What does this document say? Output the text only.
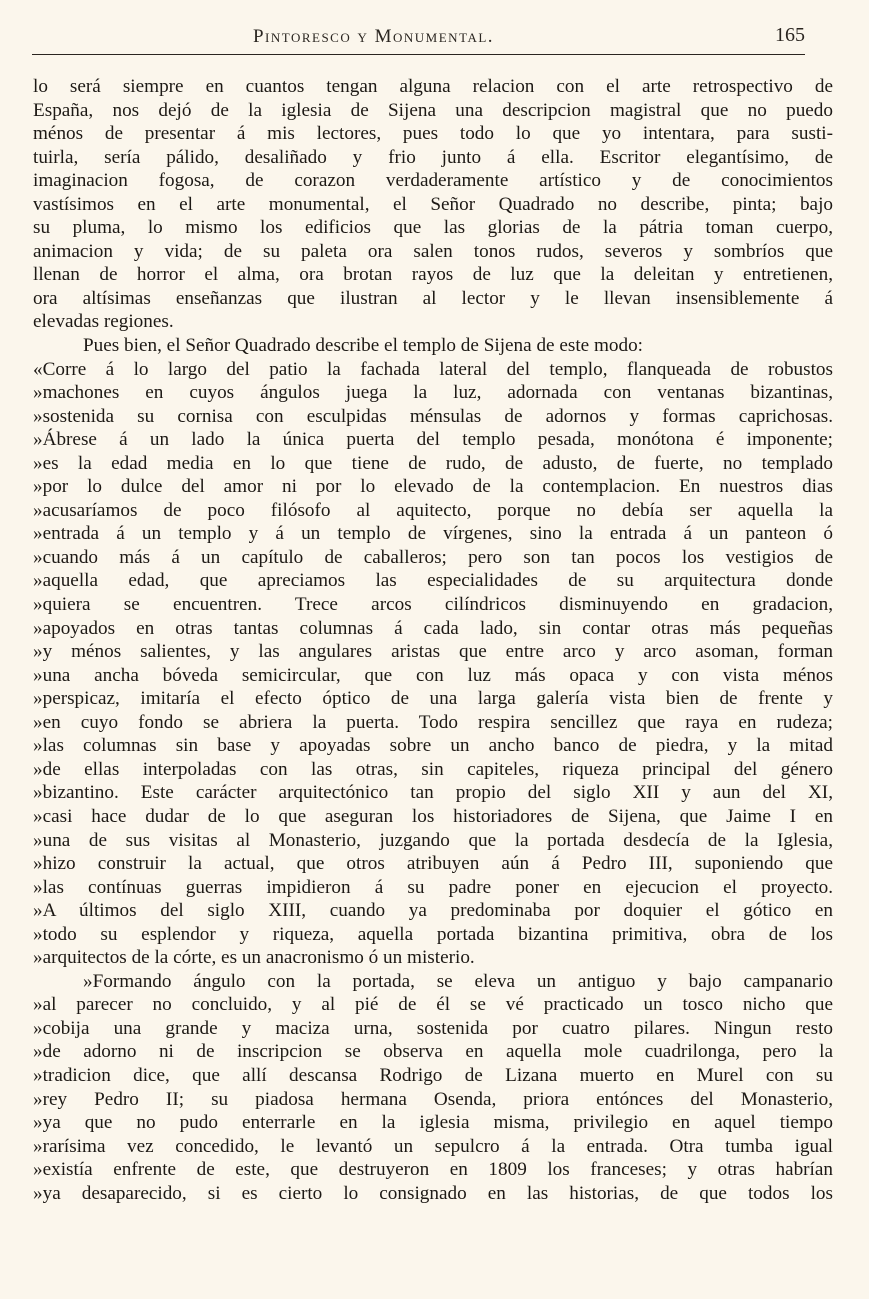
Pintoresco y Monumental.	165
lo será siempre en cuantos tengan alguna relacion con el arte retrospectivo de
España, nos dejó de la iglesia de Sijena una descripcion magistral que no puedo
ménos de presentar á mis lectores, pues todo lo que yo intentara, para susti-
tuirla, sería pálido, desaliñado y frio junto á ella. Escritor elegantísimo, de
imaginacion fogosa, de corazon verdaderamente artístico y de conocimientos
vastísimos en el arte monumental, el Señor Quadrado no describe, pinta; bajo
su pluma, lo mismo los edificios que las glorias de la pátria toman cuerpo,
animacion y vida; de su paleta ora salen tonos rudos, severos y sombríos que
llenan de horror el alma, ora brotan rayos de luz que la deleitan y entretienen,
ora altísimas enseñanzas que ilustran al lector y le llevan insensiblemente á
elevadas regiones.
Pues bien, el Señor Quadrado describe el templo de Sijena de este modo:
«Corre á lo largo del patio la fachada lateral del templo, flanqueada de robustos
»machones en cuyos ángulos juega la luz, adornada con ventanas bizantinas,
»sostenida su cornisa con esculpidas ménsulas de adornos y formas caprichosas.
»Ábrese á un lado la única puerta del templo pesada, monótona é imponente;
»es la edad media en lo que tiene de rudo, de adusto, de fuerte, no templado
»por lo dulce del amor ni por lo elevado de la contemplacion. En nuestros dias
»acusaríamos de poco filósofo al aquitecto, porque no debía ser aquella la
»entrada á un templo y á un templo de vírgenes, sino la entrada á un panteon ó
»cuando más á un capítulo de caballeros; pero son tan pocos los vestigios de
»aquella edad, que apreciamos las especialidades de su arquitectura donde
»quiera se encuentren. Trece arcos cilíndricos disminuyendo en gradacion,
»apoyados en otras tantas columnas á cada lado, sin contar otras más pequeñas
»y ménos salientes, y las angulares aristas que entre arco y arco asoman, forman
»una ancha bóveda semicircular, que con luz más opaca y con vista ménos
»perspicaz, imitaría el efecto óptico de una larga galería vista bien de frente y
»en cuyo fondo se abriera la puerta. Todo respira sencillez que raya en rudeza;
»las columnas sin base y apoyadas sobre un ancho banco de piedra, y la mitad
»de ellas interpoladas con las otras, sin capiteles, riqueza principal del género
»bizantino. Este carácter arquitectónico tan propio del siglo XII y aun del XI,
»casi hace dudar de lo que aseguran los historiadores de Sijena, que Jaime I en
»una de sus visitas al Monasterio, juzgando que la portada desdecía de la Iglesia,
»hizo construir la actual, que otros atribuyen aún á Pedro III, suponiendo que
»las contínuas guerras impidieron á su padre poner en ejecucion el proyecto.
»A últimos del siglo XIII, cuando ya predominaba por doquier el gótico en
»todo su esplendor y riqueza, aquella portada bizantina primitiva, obra de los
»arquitectos de la córte, es un anacronismo ó un misterio.
»Formando ángulo con la portada, se eleva un antiguo y bajo campanario
»al parecer no concluido, y al pié de él se vé practicado un tosco nicho que
»cobija una grande y maciza urna, sostenida por cuatro pilares. Ningun resto
»de adorno ni de inscripcion se observa en aquella mole cuadrilonga, pero la
»tradicion dice, que allí descansa Rodrigo de Lizana muerto en Murel con su
»rey Pedro II; su piadosa hermana Osenda, priora entónces del Monasterio,
»ya que no pudo enterrarle en la iglesia misma, privilegio en aquel tiempo
»rarísima vez concedido, le levantó un sepulcro á la entrada. Otra tumba igual
»existía enfrente de este, que destruyeron en 1809 los franceses; y otras habrían
»ya desaparecido, si es cierto lo consignado en las historias, de que todos los
